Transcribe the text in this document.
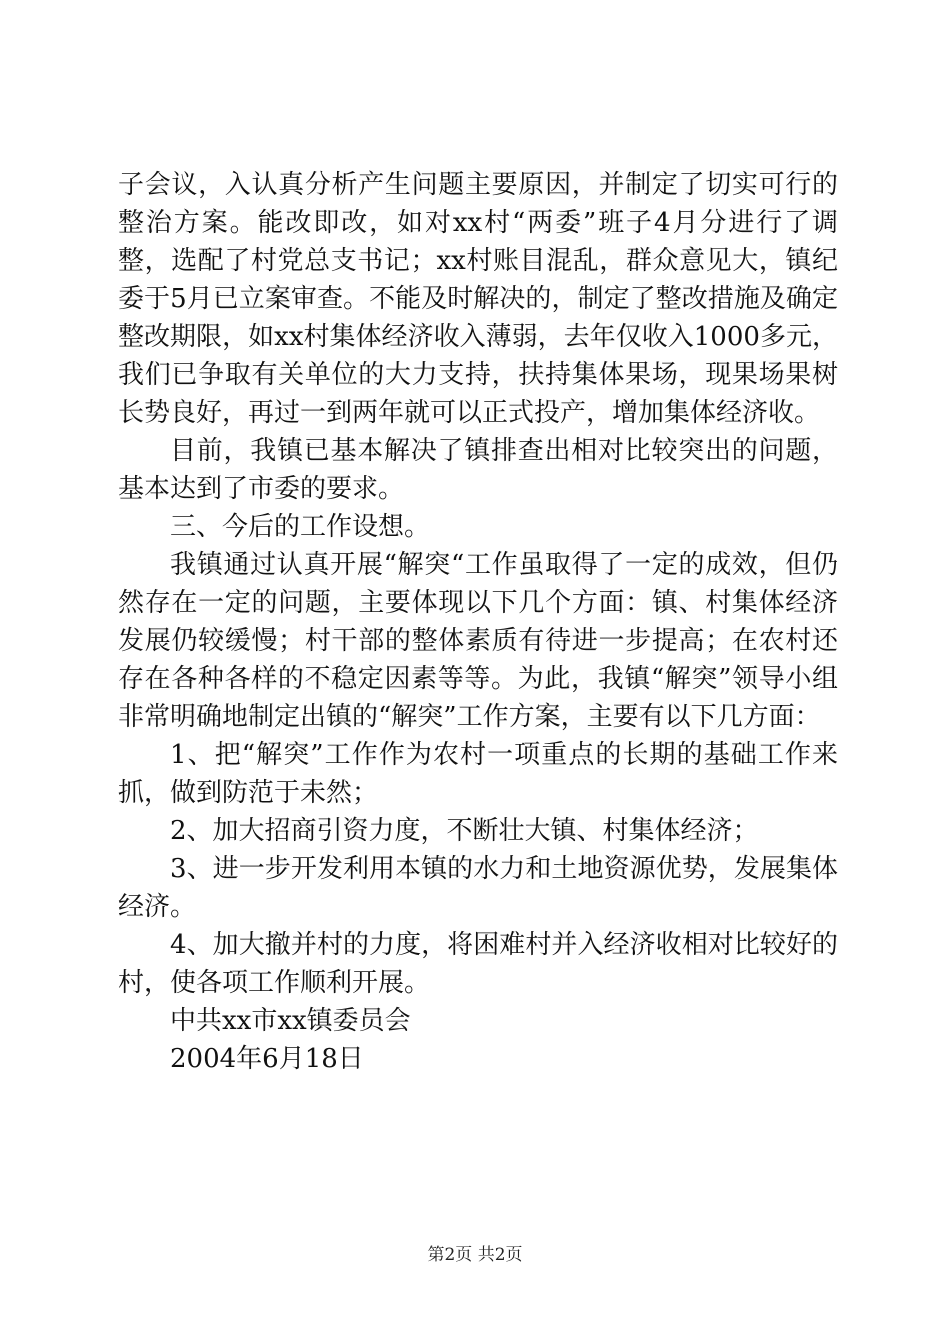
子会议，入认真分析产生问题主要原因，并制定了切实可行的整治方案。能改即改，如对xx村“两委”班子4月分进行了调整，选配了村党总支书记；xx村账目混乱，群众意见大，镇纪委于5月已立案审查。不能及时解决的，制定了整改措施及确定整改期限，如xx村集体经济收入薄弱，去年仅收入1000多元，我们已争取有关单位的大力支持，扶持集体果场，现果场果树长势良好，再过一到两年就可以正式投产，增加集体经济收。

目前，我镇已基本解决了镇排查出相对比较突出的问题，基本达到了市委的要求。

三、今后的工作设想。

我镇通过认真开展“解突“工作虽取得了一定的成效，但仍然存在一定的问题，主要体现以下几个方面：镇、村集体经济发展仍较缓慢；村干部的整体素质有待进一步提高；在农村还存在各种各样的不稳定因素等等。为此，我镇“解突”领导小组非常明确地制定出镇的“解突”工作方案，主要有以下几方面：

1、把“解突”工作作为农村一项重点的长期的基础工作来抓，做到防范于未然；

2、加大招商引资力度，不断壮大镇、村集体经济；

3、进一步开发利用本镇的水力和土地资源优势，发展集体经济。

4、加大撤并村的力度，将困难村并入经济收相对比较好的村，使各项工作顺利开展。

中共xx市xx镇委员会

2004年6月18日

第2页 共2页
